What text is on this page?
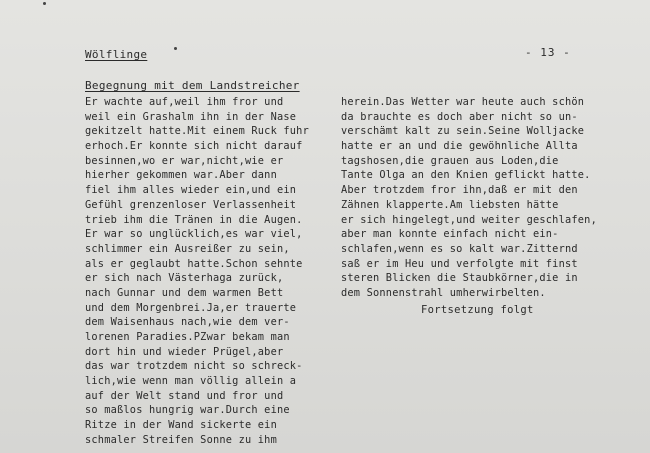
Wölflinge	- 13 -
Begegnung mit dem Landstreicher
Er wachte auf,weil ihm fror und
weil ein Grashalm ihn in der Nase
gekitzelt hatte.Mit einem Ruck fuhr
erhoch.Er konnte sich nicht darauf
besinnen,wo er war,nicht,wie er
hierher gekommen war.Aber dann
fiel ihm alles wieder ein,und ein
Gefühl grenzenloser Verlassenheit
trieb ihm die Tränen in die Augen.
Er war so unglücklich,es war viel,
schlimmer ein Ausreißer zu sein,
als er geglaubt hatte.Schon sehnte
er sich nach Västerhaga zurück,
nach Gunnar und dem warmen Bett
und dem Morgenbrei.Ja,er trauerte
dem Waisenhaus nach,wie dem ver-
lorenen Paradies.PZwar bekam man
dort hin und wieder Prügel,aber
das war trotzdem nicht so schreck-
lich,wie wenn man völlig allein a
auf der Welt stand und fror und
so maßlos hungrig war.Durch eine
Ritze in der Wand sickerte ein
schmaler Streifen Sonne zu ihm
herein.Das Wetter war heute auch schön
da brauchte es doch aber nicht so un-
verschämt kalt zu sein.Seine Wolljacke
hatte er an und die gewöhnliche Allta
tagshosen,die grauen aus Loden,die
Tante Olga an den Knien geflickt hatte.
Aber trotzdem fror ihn,daß er mit den
Zähnen klapperte.Am liebsten hätte
er sich hingelegt,und weiter geschlafen,
aber man konnte einfach nicht ein-
schlafen,wenn es so kalt war.Zitternd
saß er im Heu und verfolgte mit finst
steren Blicken die Staubkörner,die in
dem Sonnenstrahl umherwirbelten.
Fortsetzung folgt
